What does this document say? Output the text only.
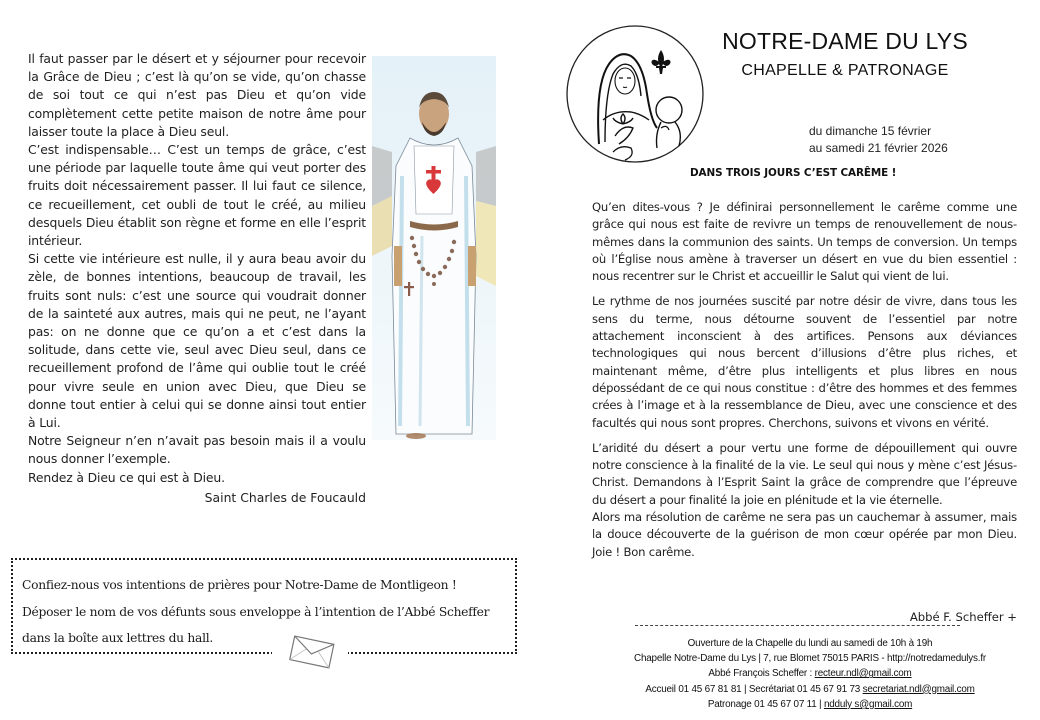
Il faut passer par le désert et y séjourner pour recevoir la Grâce de Dieu ; c’est là qu’on se vide, qu’on chasse de soi tout ce qui n’est pas Dieu et qu’on vide complètement cette petite maison de notre âme pour laisser toute la place à Dieu seul.

C’est indispensable… C’est un temps de grâce, c’est une période par laquelle toute âme qui veut porter des fruits doit nécessairement passer. Il lui faut ce silence, ce recueillement, cet oubli de tout le créé, au milieu desquels Dieu établit son règne et forme en elle l’esprit intérieur.

Si cette vie intérieure est nulle, il y aura beau avoir du zèle, de bonnes intentions, beaucoup de travail, les fruits sont nuls: c’est une source qui voudrait donner de la sainteté aux autres, mais qui ne peut, ne l’ayant pas: on ne donne que ce qu’on a et c’est dans la solitude, dans cette vie, seul avec Dieu seul, dans ce recueillement profond de l’âme qui oublie tout le créé pour vivre seule en union avec Dieu, que Dieu se donne tout entier à celui qui se donne ainsi tout entier à Lui.

Notre Seigneur n’en n’avait pas besoin mais il a voulu nous donner l’exemple.

Rendez à Dieu ce qui est à Dieu.

Saint Charles de Foucauld
Confiez-nous vos intentions de prières pour Notre-Dame de Montligeon !
Déposer le nom de vos défunts sous enveloppe à l’intention de l’Abbé Scheffer
dans la boîte aux lettres du hall.
NOTRE-DAME DU LYS
CHAPELLE & PATRONAGE
du dimanche 15 février
au samedi 21 février 2026
DANS TROIS JOURS C’EST CARÊME !

Qu’en dites-vous ? Je définirai personnellement le carême comme une grâce qui nous est faite de revivre un temps de renouvellement de nous-mêmes dans la communion des saints. Un temps de conversion. Un temps où l’Église nous amène à traverser un désert en vue du bien essentiel : nous recentrer sur le Christ et accueillir le Salut qui vient de lui.

Le rythme de nos journées suscité par notre désir de vivre, dans tous les sens du terme, nous détourne souvent de l’essentiel par notre attachement inconscient à des artifices. Pensons aux déviances technologiques qui nous bercent d’illusions d’être plus riches, et maintenant même, d’être plus intelligents et plus libres en nous dépossédant de ce qui nous constitue : d’être des hommes et des femmes crées à l’image et à la ressemblance de Dieu, avec une conscience et des facultés qui nous sont propres. Cherchons, suivons et vivons en vérité.

L’aridité du désert a pour vertu une forme de dépouillement qui ouvre notre conscience à la finalité de la vie. Le seul qui nous y mène c’est Jésus-Christ. Demandons à l’Esprit Saint la grâce de comprendre que l’épreuve du désert a pour finalité la joie en plénitude et la vie éternelle.

Alors ma résolution de carême ne sera pas un cauchemar à assumer, mais la douce découverte de la guérison de mon cœur opérée par mon Dieu. Joie ! Bon carême.

Abbé F. Scheffer +
Ouverture de la Chapelle du lundi au samedi de 10h à 19h
Chapelle Notre-Dame du Lys | 7, rue Blomet 75015 PARIS - http://notredamedulys.fr
Abbé François Scheffer : recteur.ndl@gmail.com
Accueil 01 45 67 81 81 | Secrétariat 01 45 67 91 73 secretariat.ndl@gmail.com
Patronage 01 45 67 07 11 | ndduly s@gmail.com
